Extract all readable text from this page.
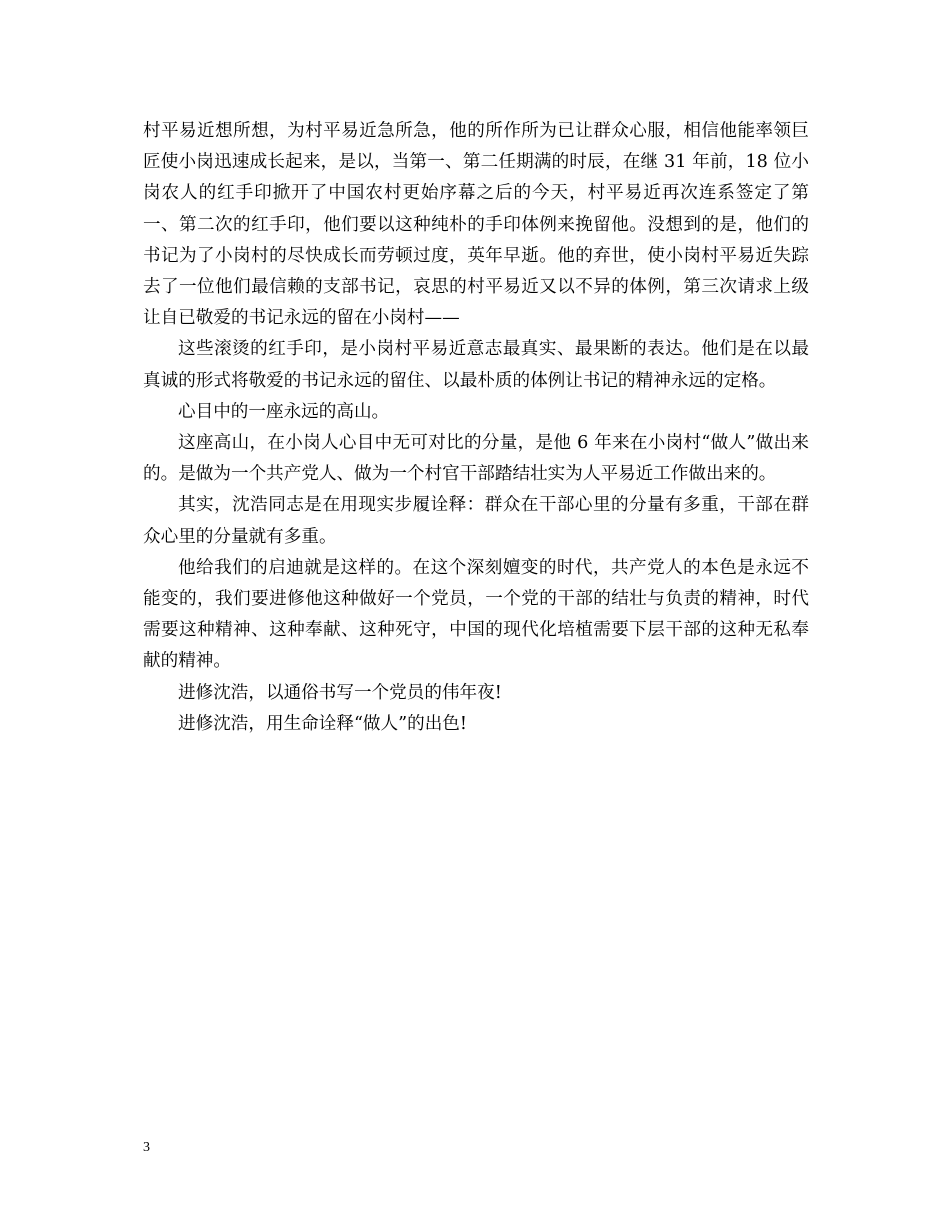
村平易近想所想，为村平易近急所急，他的所作所为已让群众心服，相信他能率领巨匠使小岗迅速成长起来，是以，当第一、第二任期满的时辰，在继 31 年前，18 位小岗农人的红手印掀开了中国农村更始序幕之后的今天，村平易近再次连系签定了第一、第二次的红手印，他们要以这种纯朴的手印体例来挽留他。没想到的是，他们的书记为了小岗村的尽快成长而劳顿过度，英年早逝。他的弃世，使小岗村平易近失踪去了一位他们最信赖的支部书记，哀思的村平易近又以不异的体例，第三次请求上级让自已敬爱的书记永远的留在小岗村——

这些滚烫的红手印，是小岗村平易近意志最真实、最果断的表达。他们是在以最真诚的形式将敬爱的书记永远的留住、以最朴质的体例让书记的精神永远的定格。

心目中的一座永远的高山。

这座高山，在小岗人心目中无可对比的分量，是他 6 年来在小岗村“做人”做出来的。是做为一个共产党人、做为一个村官干部踏结壮实为人平易近工作做出来的。

其实，沈浩同志是在用现实步履诠释：群众在干部心里的分量有多重，干部在群众心里的分量就有多重。

他给我们的启迪就是这样的。在这个深刻嬗变的时代，共产党人的本色是永远不能变的，我们要进修他这种做好一个党员，一个党的干部的结壮与负责的精神，时代需要这种精神、这种奉献、这种死守，中国的现代化培植需要下层干部的这种无私奉献的精神。

进修沈浩，以通俗书写一个党员的伟年夜!

进修沈浩，用生命诠释“做人”的出色!

3
